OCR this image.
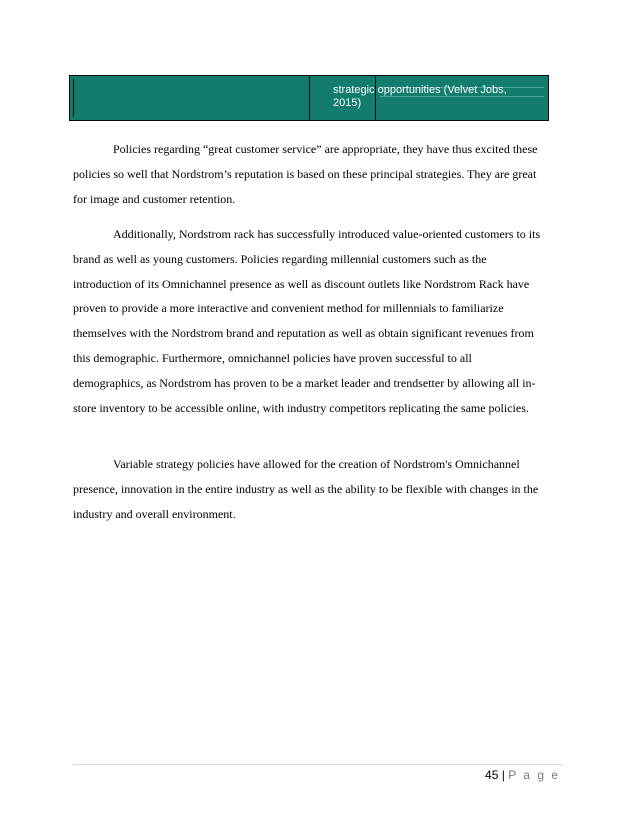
strategic opportunities (Velvet Jobs,
2015)
Policies regarding “great customer service” are appropriate, they have thus excited these
policies so well that Nordstrom’s reputation is based on these principal strategies. They are great
for image and customer retention.
Additionally, Nordstrom rack has successfully introduced value-oriented customers to its
brand as well as young customers. Policies regarding millennial customers such as the
introduction of its Omnichannel presence as well as discount outlets like Nordstrom Rack have
proven to provide a more interactive and convenient method for millennials to familiarize
themselves with the Nordstrom brand and reputation as well as obtain significant revenues from
this demographic. Furthermore, omnichannel policies have proven successful to all
demographics, as Nordstrom has proven to be a market leader and trendsetter by allowing all in-
store inventory to be accessible online, with industry competitors replicating the same policies.
Variable strategy policies have allowed for the creation of Nordstrom's Omnichannel
presence, innovation in the entire industry as well as the ability to be flexible with changes in the
industry and overall environment.
45 | P a g e
